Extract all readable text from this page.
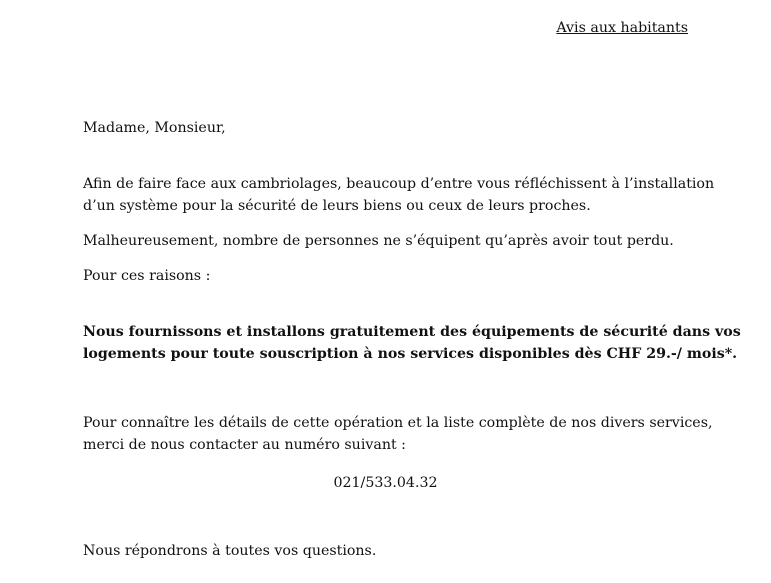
Avis aux habitants

Madame, Monsieur,

Afin de faire face aux cambriolages, beaucoup d’entre vous réfléchissent à l’installation

d’un système pour la sécurité de leurs biens ou ceux de leurs proches.

Malheureusement, nombre de personnes ne s’équipent qu’après avoir tout perdu.

Pour ces raisons :

Nous fournissons et installons gratuitement des équipements de sécurité dans vos

logements pour toute souscription à nos services disponibles dès CHF 29.-/ mois*.

Pour connaître les détails de cette opération et la liste complète de nos divers services,

merci de nous contacter au numéro suivant :

021/533.04.32

Nous répondrons à toutes vos questions.
